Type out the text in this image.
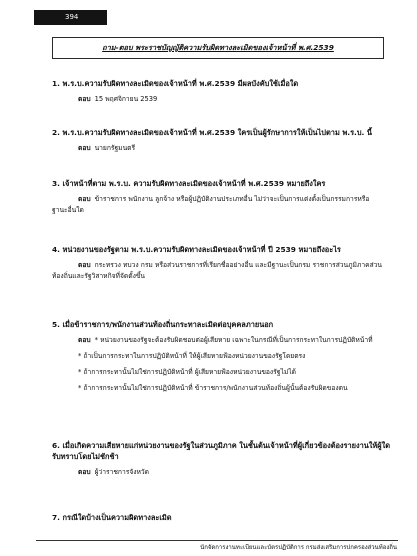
394
ถาม-ตอบ พระราชบัญญัติความรับผิดทางละเมิดของเจ้าหน้าที่ พ.ศ.2539
1. พ.ร.บ.ความรับผิดทางละเมิดของเจ้าหน้าที่ พ.ศ.2539 มีผลบังคับใช้เมื่อใด
ตอบ 15 พฤศจิกายน 2539
2. พ.ร.บ.ความรับผิดทางละเมิดของเจ้าหน้าที่ พ.ศ.2539 ใครเป็นผู้รักษาการให้เป็นไปตาม พ.ร.บ. นี้
ตอบ นายกรัฐมนตรี
3. เจ้าหน้าที่ตาม พ.ร.บ. ความรับผิดทางละเมิดของเจ้าหน้าที่ พ.ศ.2539 หมายถึงใคร
ตอบ ข้าราชการ พนักงาน ลูกจ้าง หรือผู้ปฏิบัติงานประเภทอื่น ไม่ว่าจะเป็นการแต่งตั้งเป็นกรรมการหรือฐานะอื่นใด
4. หน่วยงานของรัฐตาม พ.ร.บ.ความรับผิดทางละเมิดของเจ้าหน้าที่ ปี 2539 หมายถึงอะไร
ตอบ กระทรวง ทบวง กรม หรือส่วนราชการที่เรียกชื่ออย่างอื่น และมีฐานะเป็นกรม ราชการส่วนภูมิภาคส่วนท้องถิ่นและรัฐวิสาหกิจที่จัดตั้งขึ้น
5. เมื่อข้าราชการ/พนักงานส่วนท้องถิ่นกระทาละเมิดต่อบุคคลภายนอก
ตอบ * หน่วยงานของรัฐจะต้องรับผิดชอบต่อผู้เสียหาย เฉพาะในกรณีที่เป็นการกระทาในการปฏิบัติหน้าที่
* ถ้าเป็นการกระทาในการปฏิบัติหน้าที่ ให้ผู้เสียหายฟ้องหน่วยงานของรัฐโดยตรง
* ถ้าการกระทานั้นไม่ใช่การปฏิบัติหน้าที่ ผู้เสียหายฟ้องหน่วยงานของรัฐไม่ได้
* ถ้าการกระทานั้นไม่ใช่การปฏิบัติหน้าที่ ข้าราชการ/พนักงานส่วนท้องถิ่นผู้นั้นต้องรับผิดของตน
6. เมื่อเกิดความเสียหายแก่หน่วยงานของรัฐในส่วนภูมิภาค ในชั้นต้นเจ้าหน้าที่ผู้เกี่ยวข้องต้องรายงานให้ผู้ใดรับทราบโดยไม่ชักช้า
ตอบ ผู้ว่าราชการจังหวัด
7. กรณีใดบ้างเป็นความผิดทางละเมิด
นักจัดการงานทะเบียนและบัตรปฏิบัติการ กรมส่งเสริมการปกครองส่วนท้องถิ่น
